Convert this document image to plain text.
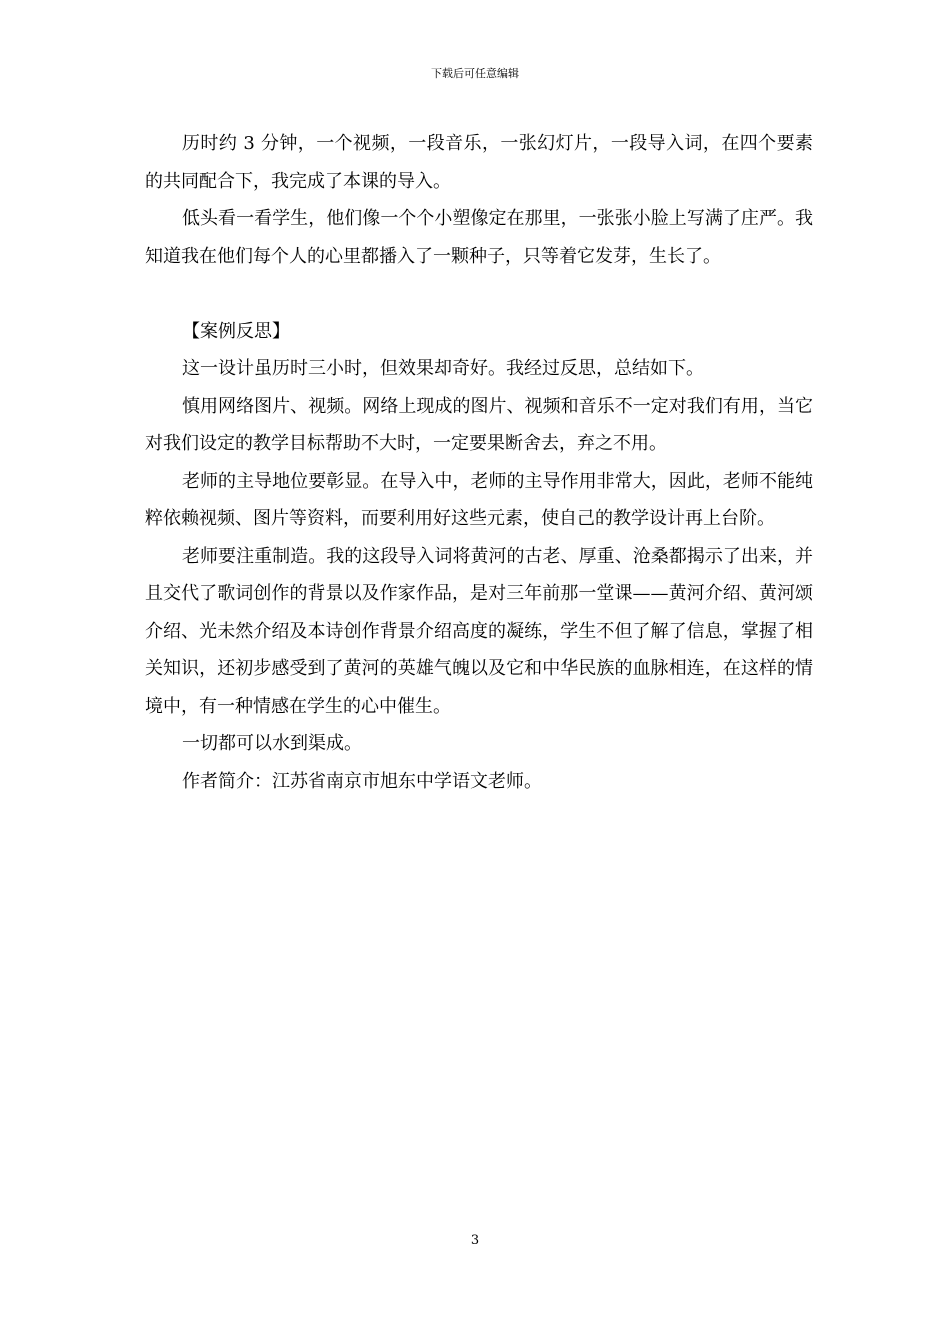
下载后可任意编辑

历时约 3 分钟，一个视频，一段音乐，一张幻灯片，一段导入词，在四个要素的共同配合下，我完成了本课的导入。

低头看一看学生，他们像一个个小塑像定在那里，一张张小脸上写满了庄严。我知道我在他们每个人的心里都播入了一颗种子，只等着它发芽，生长了。

【案例反思】

这一设计虽历时三小时，但效果却奇好。我经过反思，总结如下。

慎用网络图片、视频。网络上现成的图片、视频和音乐不一定对我们有用，当它对我们设定的教学目标帮助不大时，一定要果断舍去，弃之不用。

老师的主导地位要彰显。在导入中，老师的主导作用非常大，因此，老师不能纯粹依赖视频、图片等资料，而要利用好这些元素，使自己的教学设计再上台阶。

老师要注重制造。我的这段导入词将黄河的古老、厚重、沧桑都揭示了出来，并且交代了歌词创作的背景以及作家作品，是对三年前那一堂课——黄河介绍、黄河颂介绍、光未然介绍及本诗创作背景介绍高度的凝练，学生不但了解了信息，掌握了相关知识，还初步感受到了黄河的英雄气魄以及它和中华民族的血脉相连，在这样的情境中，有一种情感在学生的心中催生。

一切都可以水到渠成。

作者简介：江苏省南京市旭东中学语文老师。

3
